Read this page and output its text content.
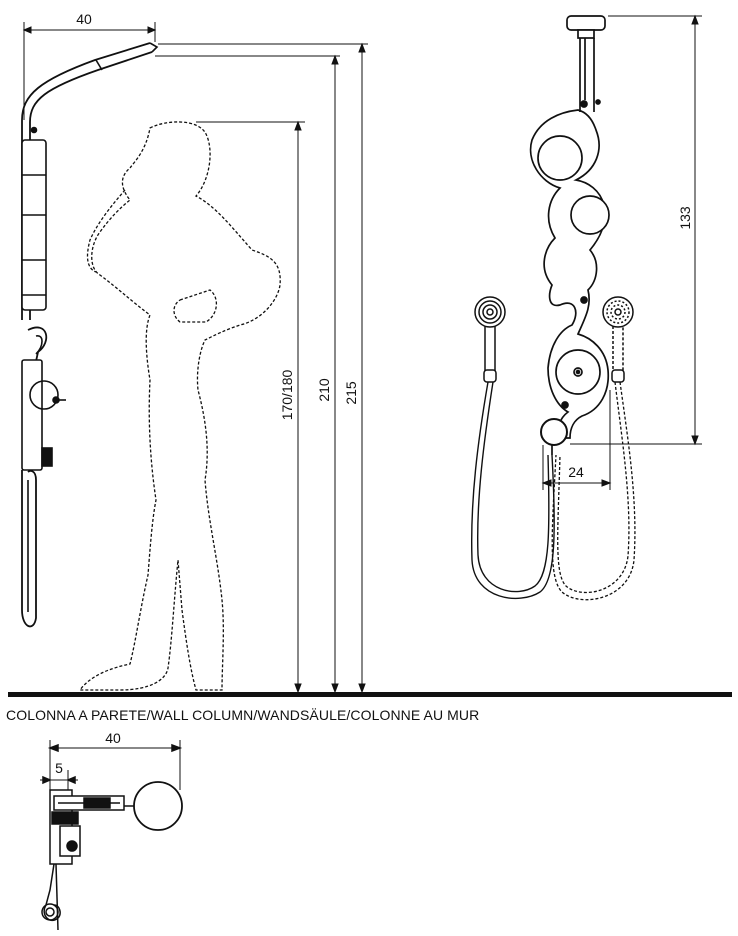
40
170/180 210 215
133
24
40
5
COLONNA A PARETE/WALL COLUMN/WANDSÄULE/COLONNE AU MUR
